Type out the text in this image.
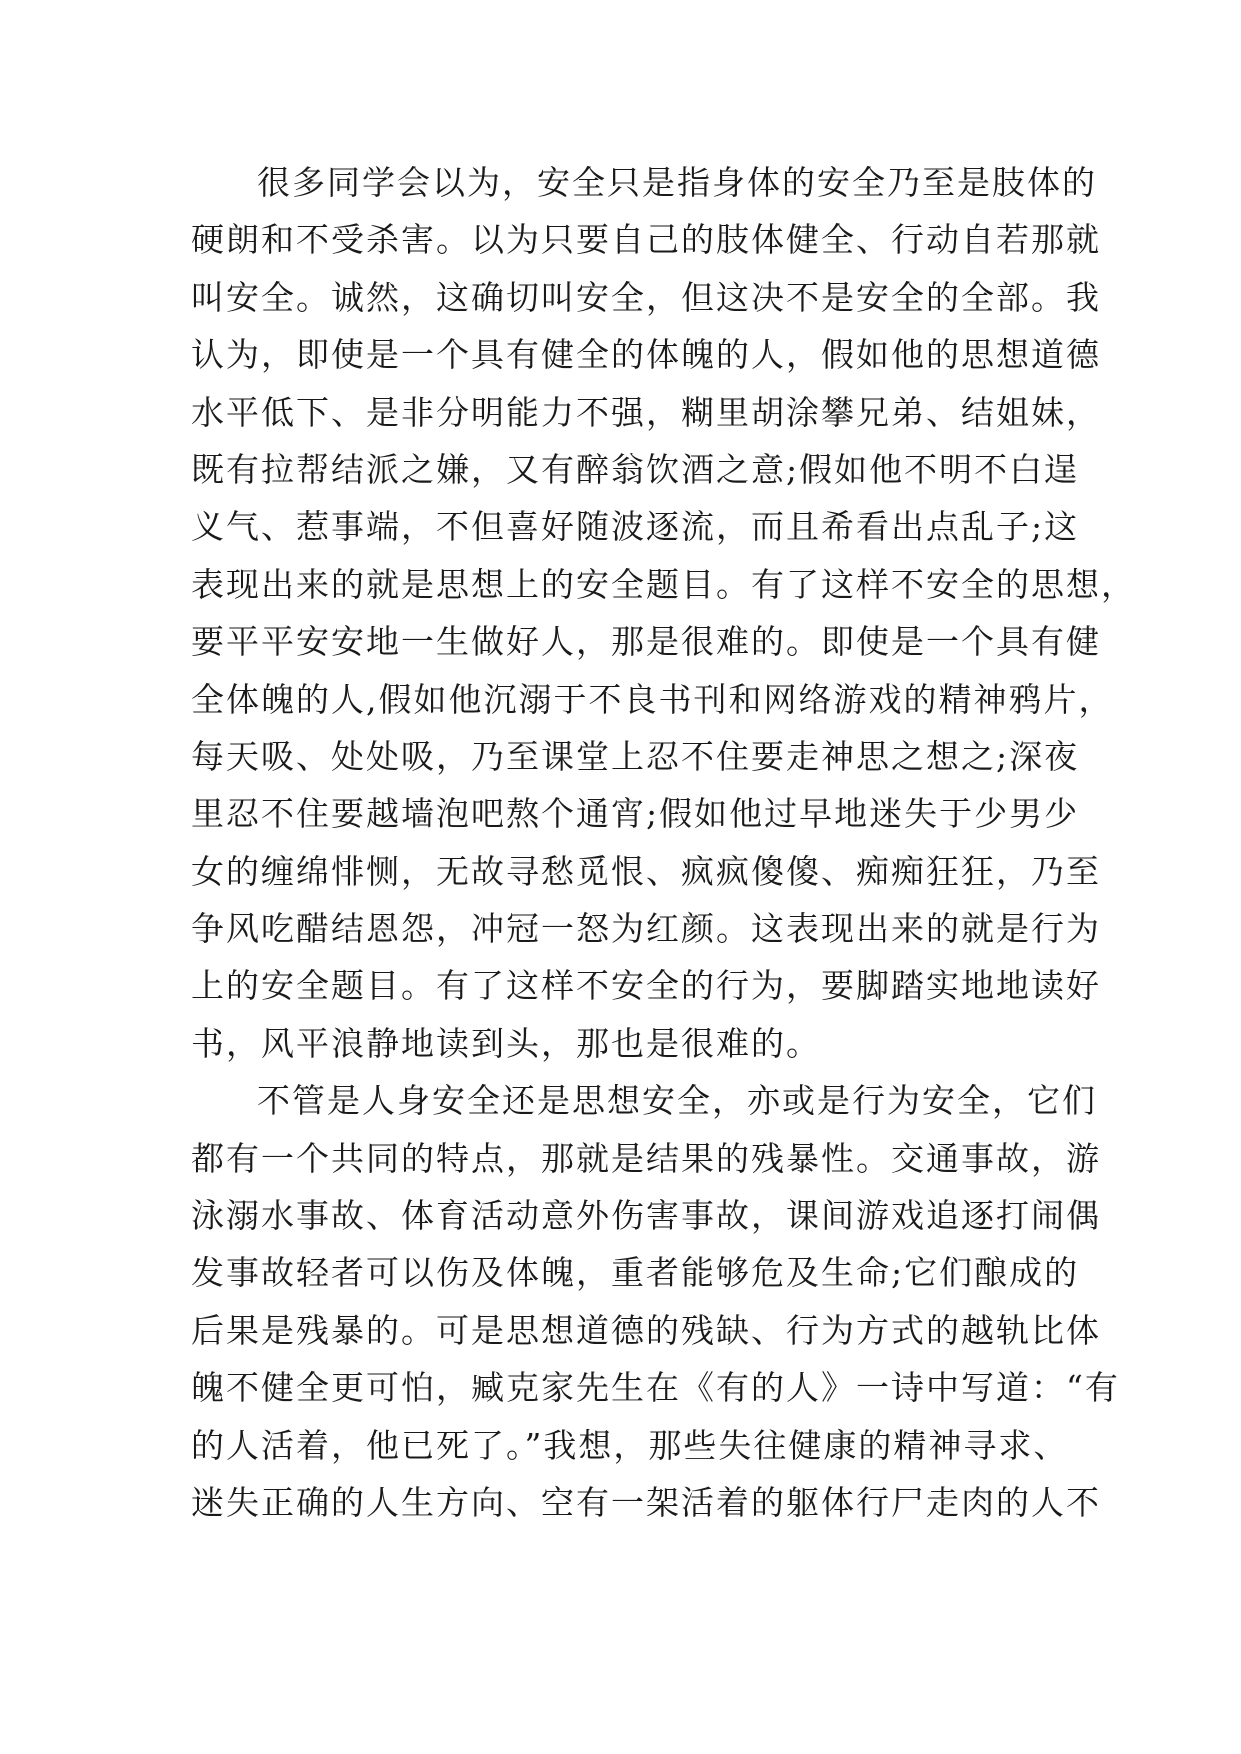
很多同学会以为，安全只是指身体的安全乃至是肢体的
硬朗和不受杀害。以为只要自己的肢体健全、行动自若那就
叫安全。诚然，这确切叫安全，但这决不是安全的全部。我
认为，即使是一个具有健全的体魄的人，假如他的思想道德
水平低下、是非分明能力不强，糊里胡涂攀兄弟、结姐妹，
既有拉帮结派之嫌，又有醉翁饮酒之意;假如他不明不白逞
义气、惹事端，不但喜好随波逐流，而且希看出点乱子;这
表现出来的就是思想上的安全题目。有了这样不安全的思想，
要平平安安地一生做好人，那是很难的。即使是一个具有健
全体魄的人,假如他沉溺于不良书刊和网络游戏的精神鸦片，
每天吸、处处吸，乃至课堂上忍不住要走神思之想之;深夜
里忍不住要越墙泡吧熬个通宵;假如他过早地迷失于少男少
女的缠绵悱恻，无故寻愁觅恨、疯疯傻傻、痴痴狂狂，乃至
争风吃醋结恩怨，冲冠一怒为红颜。这表现出来的就是行为
上的安全题目。有了这样不安全的行为，要脚踏实地地读好
书，风平浪静地读到头，那也是很难的。
不管是人身安全还是思想安全，亦或是行为安全，它们
都有一个共同的特点，那就是结果的残暴性。交通事故，游
泳溺水事故、体育活动意外伤害事故，课间游戏追逐打闹偶
发事故轻者可以伤及体魄，重者能够危及生命;它们酿成的
后果是残暴的。可是思想道德的残缺、行为方式的越轨比体
魄不健全更可怕，臧克家先生在《有的人》一诗中写道：“有
的人活着，他已死了。”我想，那些失往健康的精神寻求、
迷失正确的人生方向、空有一架活着的躯体行尸走肉的人不
